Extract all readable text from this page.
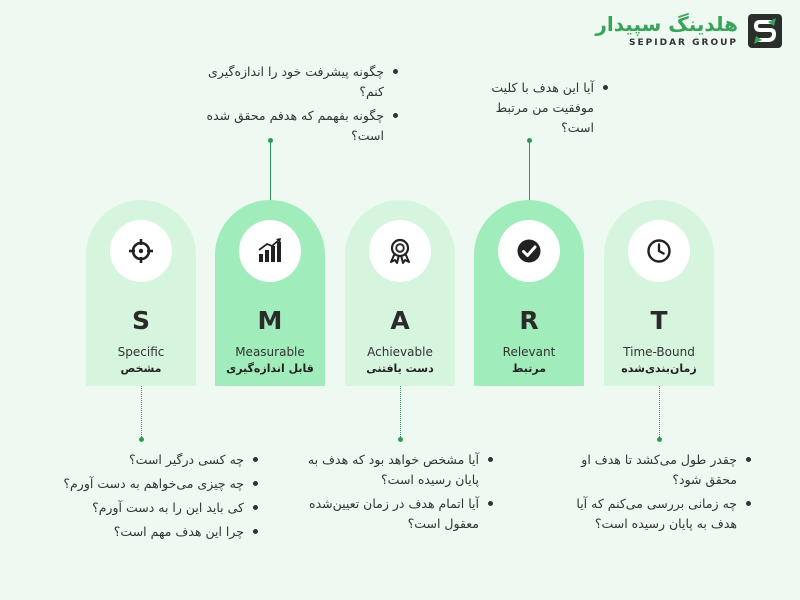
هلدینگ سپیدار
SEPIDAR GROUP
چگونه پیشرفت خود را اندازه‌گیری کنم؟
چگونه بفهمم که هدفم محقق شده است؟
آیا این هدف با کلیت موفقیت من مرتبط است؟
S
Specific
مشخص
M
Measurable
قابل اندازه‌گیری
A
Achievable
دست یافتنی
R
Relevant
مرتبط
T
Time-Bound
زمان‌بندی‌شده
چه کسی درگیر است؟
چه چیزی می‌خواهم به دست آورم؟
کی باید این را به دست آورم؟
چرا این هدف مهم است؟
آیا مشخص خواهد بود که هدف به پایان رسیده است؟
آیا اتمام هدف در زمان تعیین‌شده معقول است؟
چقدر طول می‌کشد تا هدف او محقق شود؟
چه زمانی بررسی می‌کنم که آیا هدف به پایان رسیده است؟
